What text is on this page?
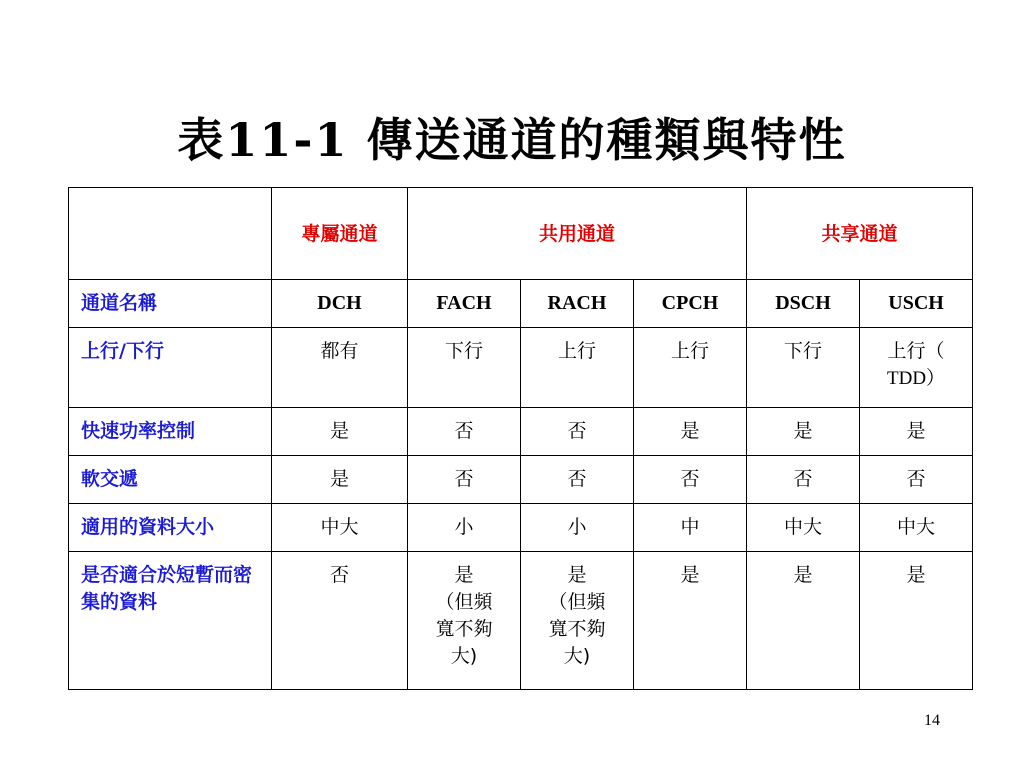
表11-1 傳送通道的種類與特性
	專屬通道	共用通道			共享通道	
通道名稱	DCH	FACH	RACH	CPCH	DSCH	USCH
上行/下行	都有	下行	上行	上行	下行	上行（
TDD）
快速功率控制	是	否	否	是	是	是
軟交遞	是	否	否	否	否	否
適用的資料大小	中大	小	小	中	中大	中大
是否適合於短暫而密集的資料	否	是
（但頻
寬不夠
大)	是
（但頻
寬不夠
大)	是	是	是
14
